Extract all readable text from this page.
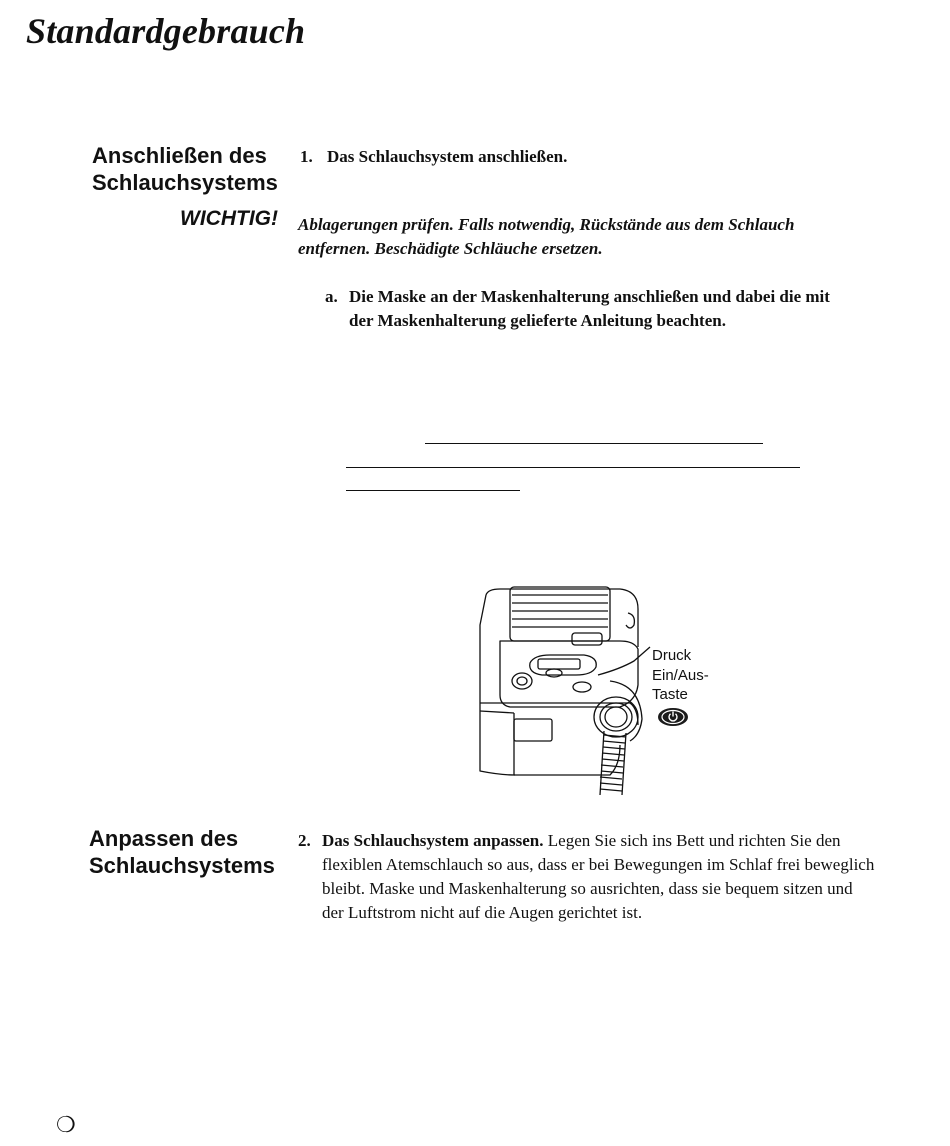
Standardgebrauch
Anschließen des
Schlauchsystems
1. Das Schlauchsystem anschließen.
WICHTIG! Ablagerungen prüfen. Falls notwendig, Rückstände aus dem Schlauch entfernen. Beschädigte Schläuche ersetzen.
a. Die Maske an der Maskenhalterung anschließen und dabei die mit der Maskenhalterung gelieferte Anleitung beachten.
Druck
Ein/Aus-
Taste
Anpassen des
Schlauchsystems
2. Das Schlauchsystem anpassen. Legen Sie sich ins Bett und richten Sie den flexiblen Atemschlauch so aus, dass er bei Bewegungen im Schlaf frei beweglich bleibt. Maske und Maskenhalterung so ausrichten, dass sie bequem sitzen und der Luftstrom nicht auf die Augen gerichtet ist.
❍
